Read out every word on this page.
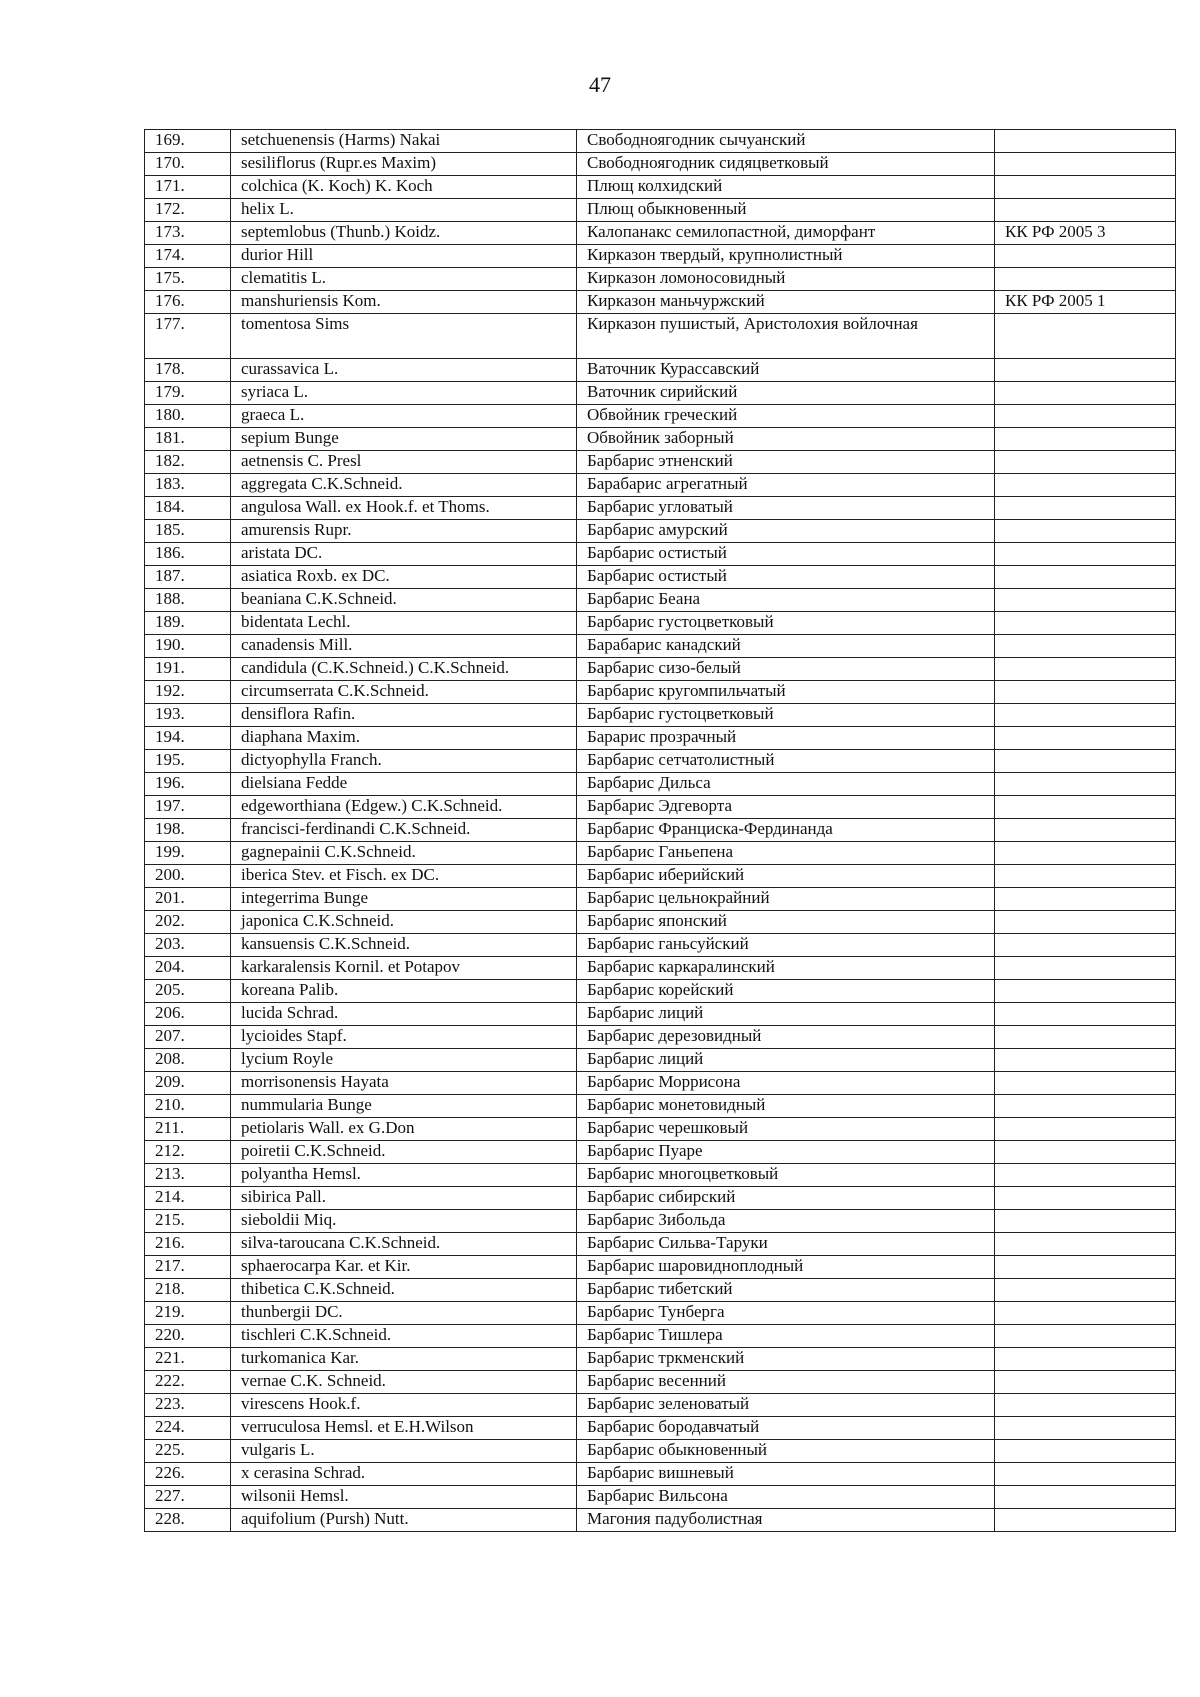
47
169.	setchuenensis (Harms) Nakai	Свободноягодник сычуанский	
170.	sesiliflorus (Rupr.es Maxim)	Свободноягодник сидяцветковый	
171.	colchica (K. Koch) K. Koch	Плющ колхидский	
172.	helix L.	Плющ обыкновенный	
173.	septemlobus (Thunb.) Koidz.	Калопанакс семилопастной, диморфант	КК РФ 2005 3
174.	durior Hill	Кирказон твердый, крупнолистный	
175.	clematitis L.	Кирказон ломоносовидный	
176.	manshuriensis Kom.	Кирказон маньчуржский	КК РФ 2005 1
177.	tomentosa Sims	Кирказон пушистый, Аристолохия войлочная	
178.	curassavica L.	Ваточник Курассавский	
179.	syriaca L.	Ваточник сирийский	
180.	graeca L.	Обвойник греческий	
181.	sepium Bunge	Обвойник заборный	
182.	aetnensis C. Presl	Барбарис этненский	
183.	aggregata C.K.Schneid.	Барабарис агрегатный	
184.	angulosa Wall. ex Hook.f. et Thoms.	Барбарис угловатый	
185.	amurensis Rupr.	Барбарис амурский	
186.	aristata DC.	Барбарис остистый	
187.	asiatica Roxb. ex DC.	Барбарис остистый	
188.	beaniana C.K.Schneid.	Барбарис Беана	
189.	bidentata Lechl.	Барбарис густоцветковый	
190.	canadensis Mill.	Барабарис канадский	
191.	candidula (C.K.Schneid.) C.K.Schneid.	Барбарис сизо-белый	
192.	circumserrata C.K.Schneid.	Барбарис кругомпильчатый	
193.	densiflora Rafin.	Барбарис густоцветковый	
194.	diaphana Maxim.	Барарис прозрачный	
195.	dictyophylla Franch.	Барбарис сетчатолистный	
196.	dielsiana Fedde	Барбарис Дильса	
197.	edgeworthiana (Edgew.) C.K.Schneid.	Барбарис Эдгеворта	
198.	francisci-ferdinandi C.K.Schneid.	Барбарис Франциска-Фердинанда	
199.	gagnepainii C.K.Schneid.	Барбарис Ганьепена	
200.	iberica Stev. et Fisch. ex DC.	Барбарис иберийский	
201.	integerrima Bunge	Барбарис цельнокрайний	
202.	japonica C.K.Schneid.	Барбарис японский	
203.	kansuensis C.K.Schneid.	Барбарис ганьсуйский	
204.	karkaralensis Kornil. et Potapov	Барбарис каркаралинский	
205.	koreana Palib.	Барбарис корейский	
206.	lucida Schrad.	Барбарис лиций	
207.	lycioides Stapf.	Барбарис дерезовидный	
208.	lycium Royle	Барбарис лиций	
209.	morrisonensis Hayata	Барбарис Моррисона	
210.	nummularia Bunge	Барбарис монетовидный	
211.	petiolaris Wall. ex G.Don	Барбарис черешковый	
212.	poiretii C.K.Schneid.	Барбарис Пуаре	
213.	polyantha Hemsl.	Барбарис многоцветковый	
214.	sibirica Pall.	Барбарис сибирский	
215.	sieboldii Miq.	Барбарис Зибольда	
216.	silva-taroucana C.K.Schneid.	Барбарис Сильва-Таруки	
217.	sphaerocarpa Kar. et Kir.	Барбарис шаровиднoплодный	
218.	thibetica C.K.Schneid.	Барбарис тибетский	
219.	thunbergii DC.	Барбарис Тунберга	
220.	tischleri C.K.Schneid.	Барбарис Тишлера	
221.	turkomanica Kar.	Барбарис тркменский	
222.	vernae C.K. Schneid.	Барбарис весенний	
223.	virescens Hook.f.	Барбарис зеленоватый	
224.	verruculosa Hemsl. et E.H.Wilson	Барбарис бородавчатый	
225.	vulgaris L.	Барбарис обыкновенный	
226.	x cerasina Schrad.	Барбарис вишневый	
227.	wilsonii Hemsl.	Барбарис Вильсона	
228.	aquifolium (Pursh) Nutt.	Магония падуболистная	
